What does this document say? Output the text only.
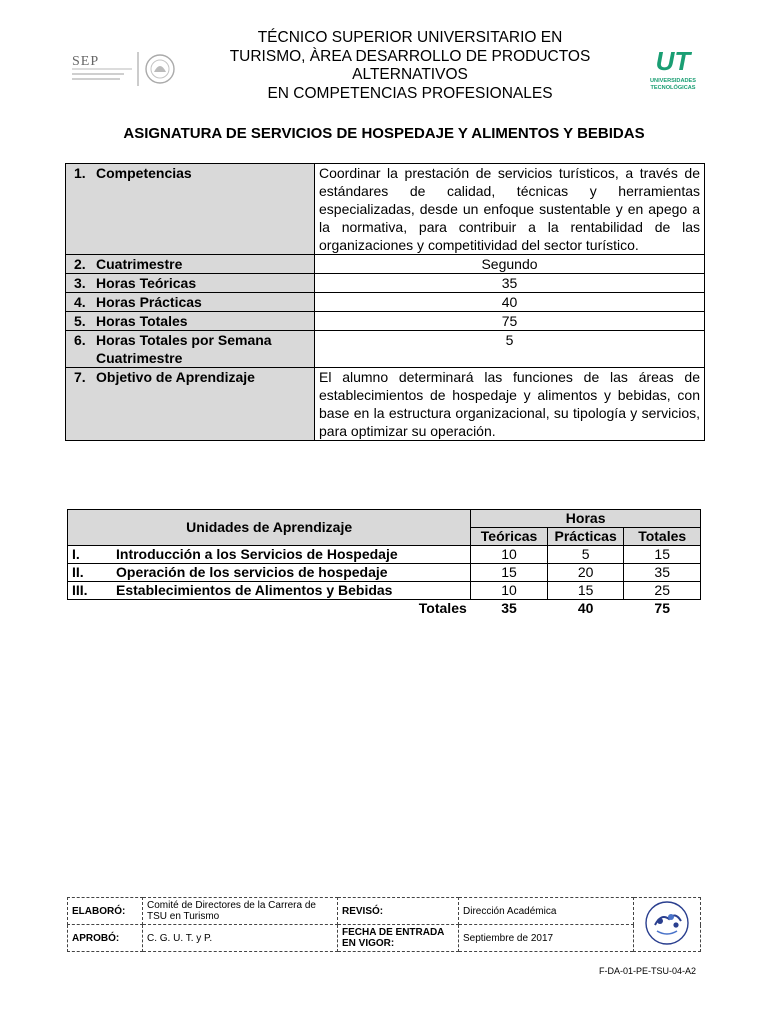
SEP	UT
UNIVERSIDADES
TECNOLÓGICAS
TÉCNICO SUPERIOR UNIVERSITARIO EN
TURISMO, ÀREA DESARROLLO DE PRODUCTOS
ALTERNATIVOS
EN COMPETENCIAS PROFESIONALES
ASIGNATURA DE SERVICIOS DE HOSPEDAJE Y ALIMENTOS Y BEBIDAS
1. Competencias	Coordinar la prestación de servicios turísticos, a través de estándares de calidad, técnicas y herramientas especializadas, desde un enfoque sustentable y en apego a la normativa, para contribuir a la rentabilidad de las organizaciones y competitividad del sector turístico.
2. Cuatrimestre	Segundo
3. Horas Teóricas	35
4. Horas Prácticas	40
5. Horas Totales	75
6. Horas Totales por Semana Cuatrimestre	5
7. Objetivo de Aprendizaje	El alumno determinará las funciones de las áreas de establecimientos de hospedaje y alimentos y bebidas, con base en la estructura organizacional, su tipología y servicios, para optimizar su operación.
Unidades de Aprendizaje	Horas		
	Teóricas	Prácticas	Totales
I. Introducción a los Servicios de Hospedaje	10	5	15
II. Operación de los servicios de hospedaje	15	20	35
III. Establecimientos de Alimentos y Bebidas	10	15	25
Totales	35	40	75
ELABORÓ:	Comité de Directores de la Carrera de TSU en Turismo	REVISÓ:	Dirección Académica	
APROBÓ:	C. G. U. T. y P.	FECHA DE ENTRADA EN VIGOR:	Septiembre de 2017	
F-DA-01-PE-TSU-04-A2
